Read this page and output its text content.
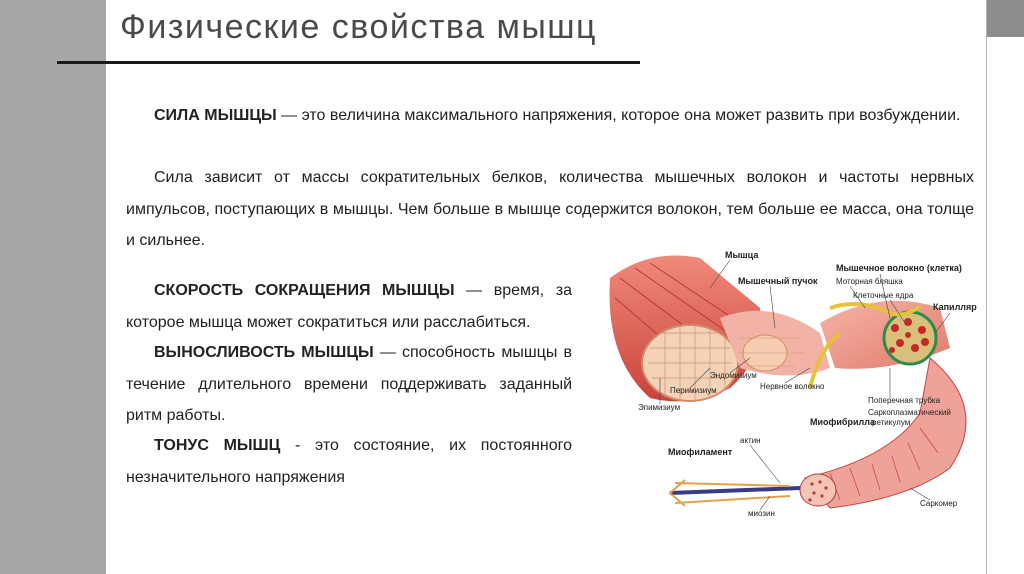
Физические свойства мышц

СИЛА МЫШЦЫ — это величина максимального напряжения, которое она может развить при возбуждении.

Сила зависит от массы сократительных белков, количества мышечных волокон и частоты нервных импульсов, поступающих в мышцы. Чем больше в мышце содержится волокон, тем больше ее масса, она толще и сильнее.

СКОРОСТЬ СОКРАЩЕНИЯ МЫШЦЫ — время, за которое мышца может сократиться или расслабиться.

ВЫНОСЛИВОСТЬ МЫШЦЫ — способность мышцы в течение длительного времени поддерживать заданный ритм работы.

ТОНУС МЫШЦ - это состояние, их постоянного незначительного напряжения

Мышца
Мышечный пучок
Мышечное волокно (клетка)
Моторная бляшка
Клеточные ядра
Капилляр
Эндомизиум
Перимизиум	Нервное волокно
Эпимизиум
Поперечная трубка
Саркоплазматический
ретикулум
Миофибрилла
актин
Миофиламент
миозин
Саркомер
